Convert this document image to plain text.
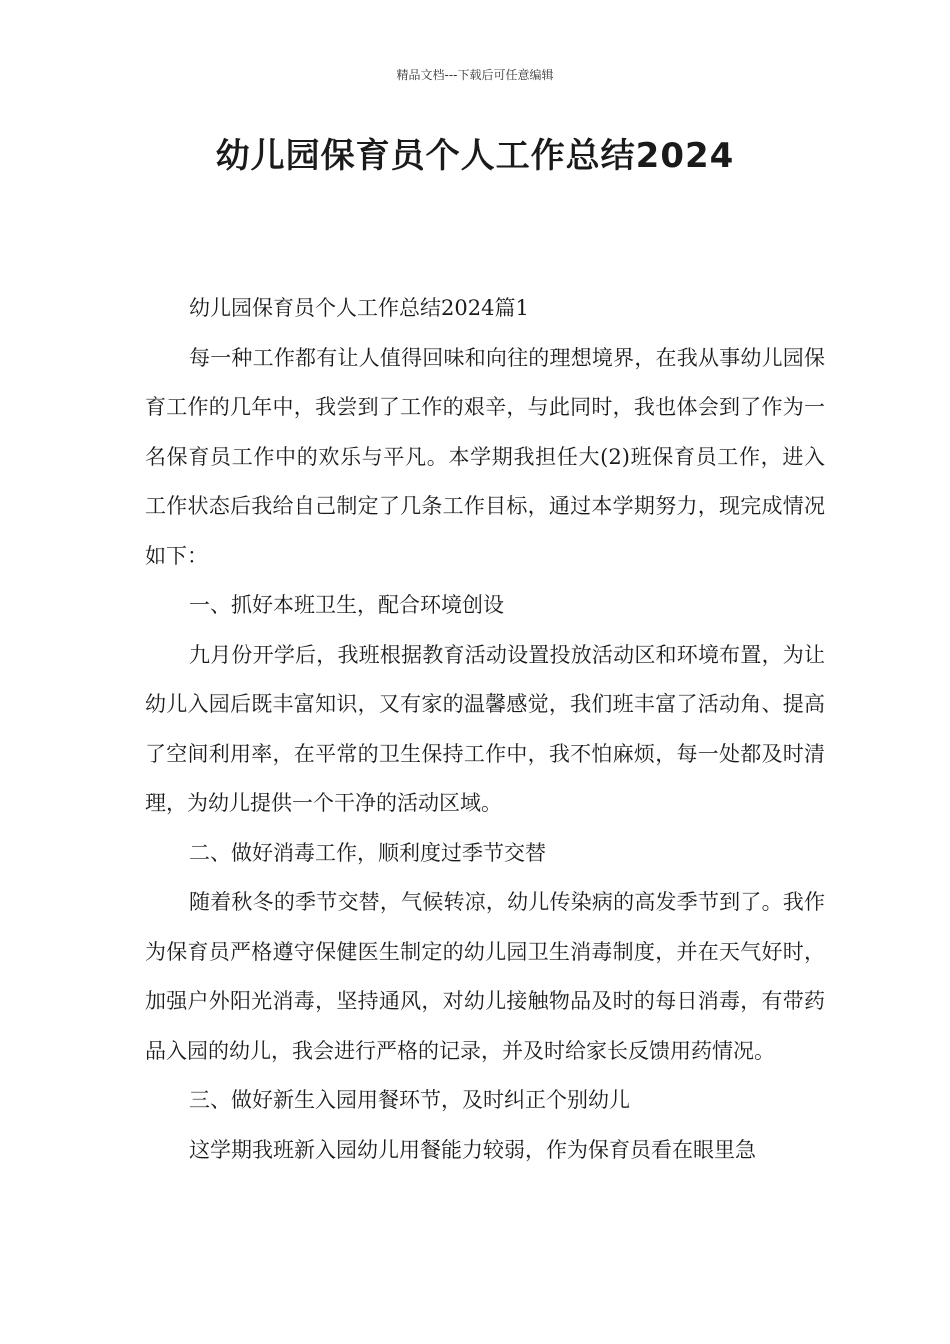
精品文档---下载后可任意编辑
幼儿园保育员个人工作总结2024

幼儿园保育员个人工作总结2024篇1

每一种工作都有让人值得回味和向往的理想境界，在我从事幼儿园保育工作的几年中，我尝到了工作的艰辛，与此同时，我也体会到了作为一名保育员工作中的欢乐与平凡。本学期我担任大(2)班保育员工作，进入工作状态后我给自己制定了几条工作目标，通过本学期努力，现完成情况如下：

一、抓好本班卫生，配合环境创设

九月份开学后，我班根据教育活动设置投放活动区和环境布置，为让幼儿入园后既丰富知识，又有家的温馨感觉，我们班丰富了活动角、提高了空间利用率，在平常的卫生保持工作中，我不怕麻烦，每一处都及时清理，为幼儿提供一个干净的活动区域。

二、做好消毒工作，顺利度过季节交替

随着秋冬的季节交替，气候转凉，幼儿传染病的高发季节到了。我作为保育员严格遵守保健医生制定的幼儿园卫生消毒制度，并在天气好时，加强户外阳光消毒，坚持通风，对幼儿接触物品及时的每日消毒，有带药品入园的幼儿，我会进行严格的记录，并及时给家长反馈用药情况。

三、做好新生入园用餐环节，及时纠正个别幼儿

这学期我班新入园幼儿用餐能力较弱，作为保育员看在眼里急
